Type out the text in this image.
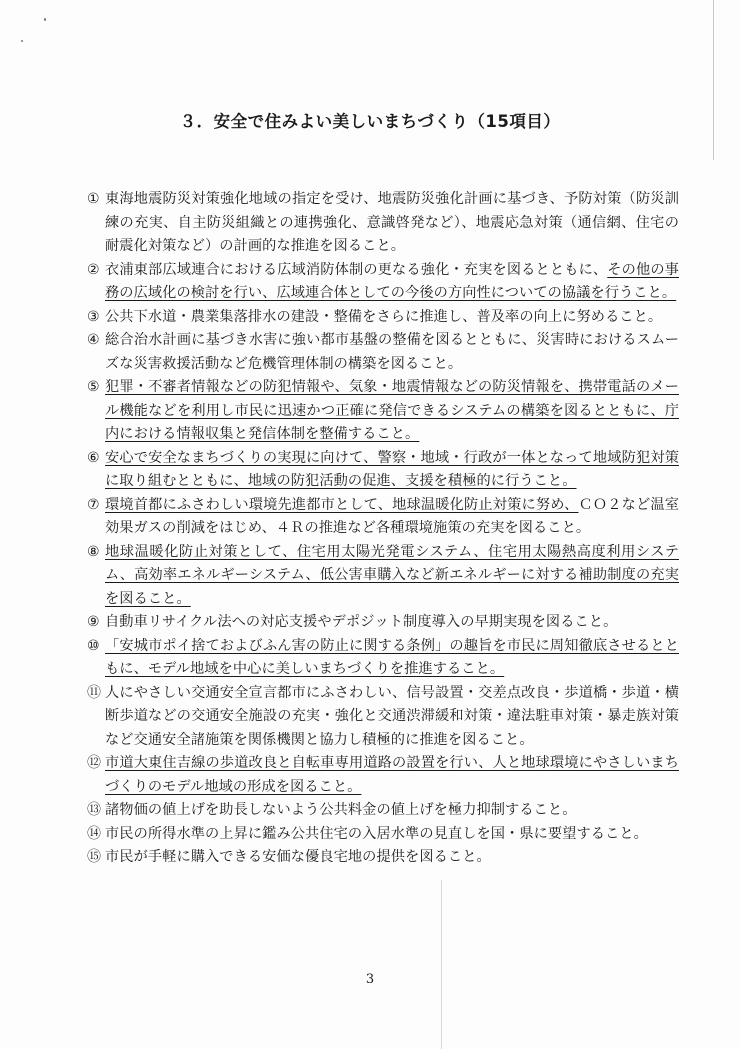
３．安全で住みよい美しいまちづくり（15項目）
① 東海地震防災対策強化地域の指定を受け、地震防災強化計画に基づき、予防対策（防災訓練の充実、自主防災組織との連携強化、意識啓発など）、地震応急対策（通信網、住宅の耐震化対策など）の計画的な推進を図ること。
② 衣浦東部広域連合における広域消防体制の更なる強化・充実を図るとともに、その他の事務の広域化の検討を行い、広域連合体としての今後の方向性についての協議を行うこと。
③ 公共下水道・農業集落排水の建設・整備をさらに推進し、普及率の向上に努めること。
④ 総合治水計画に基づき水害に強い都市基盤の整備を図るとともに、災害時におけるスムーズな災害救援活動など危機管理体制の構築を図ること。
⑤ 犯罪・不審者情報などの防犯情報や、気象・地震情報などの防災情報を、携帯電話のメール機能などを利用し市民に迅速かつ正確に発信できるシステムの構築を図るとともに、庁内における情報収集と発信体制を整備すること。
⑥ 安心で安全なまちづくりの実現に向けて、警察・地域・行政が一体となって地域防犯対策に取り組むとともに、地域の防犯活動の促進、支援を積極的に行うこと。
⑦ 環境首都にふさわしい環境先進都市として、地球温暖化防止対策に努め、ＣＯ２など温室効果ガスの削減をはじめ、４Ｒの推進など各種環境施策の充実を図ること。
⑧ 地球温暖化防止対策として、住宅用太陽光発電システム、住宅用太陽熱高度利用システム、高効率エネルギーシステム、低公害車購入など新エネルギーに対する補助制度の充実を図ること。
⑨ 自動車リサイクル法への対応支援やデポジット制度導入の早期実現を図ること。
⑩ 「安城市ポイ捨ておよびふん害の防止に関する条例」の趣旨を市民に周知徹底させるとともに、モデル地域を中心に美しいまちづくりを推進すること。
⑪ 人にやさしい交通安全宣言都市にふさわしい、信号設置・交差点改良・歩道橋・歩道・横断歩道などの交通安全施設の充実・強化と交通渋滞緩和対策・違法駐車対策・暴走族対策など交通安全諸施策を関係機関と協力し積極的に推進を図ること。
⑫ 市道大東住吉線の歩道改良と自転車専用道路の設置を行い、人と地球環境にやさしいまちづくりのモデル地域の形成を図ること。
⑬ 諸物価の値上げを助長しないよう公共料金の値上げを極力抑制すること。
⑭ 市民の所得水準の上昇に鑑み公共住宅の入居水準の見直しを国・県に要望すること。
⑮ 市民が手軽に購入できる安価な優良宅地の提供を図ること。
3
